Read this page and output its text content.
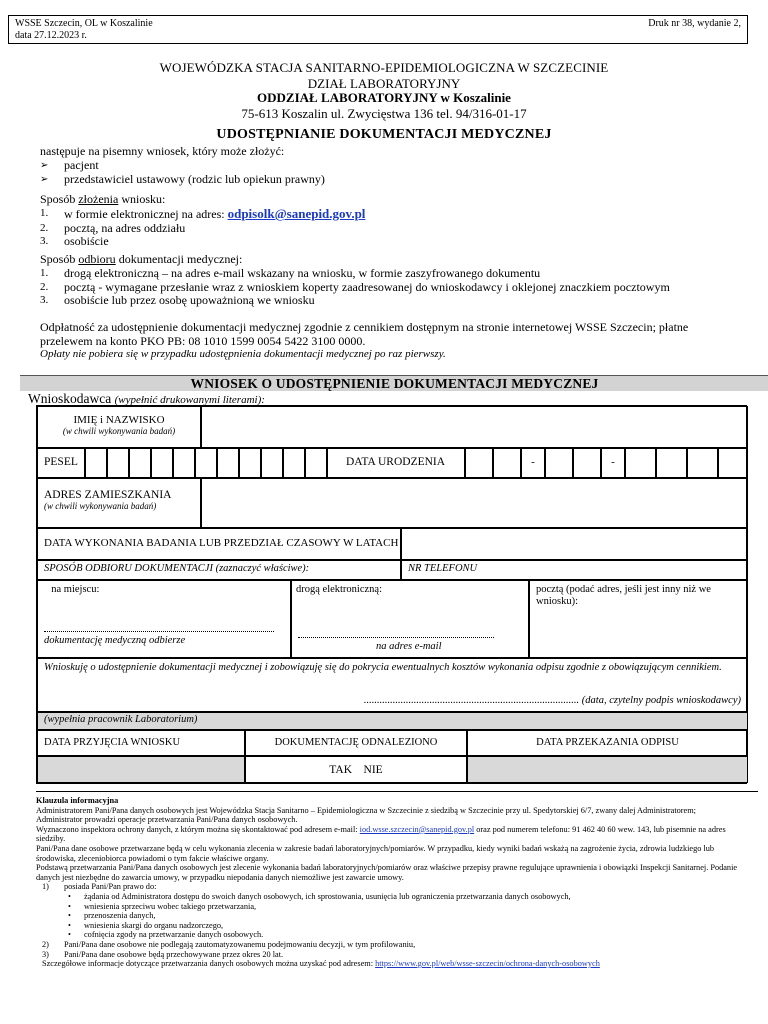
WSSE Szczecin, OL w Koszalinie
data 27.12.2023 r.
Druk nr 38, wydanie 2,
WOJEWÓDZKA STACJA SANITARNO-EPIDEMIOLOGICZNA W SZCZECINIE
DZIAŁ LABORATORYJNY
ODDZIAŁ LABORATORYJNY w Koszalinie
75-613 Koszalin ul. Zwycięstwa 136 tel. 94/316-01-17
UDOSTĘPNIANIE DOKUMENTACJI MEDYCZNEJ
następuje na pisemny wniosek, który może złożyć:
➢ pacjent
➢ przedstawiciel ustawowy (rodzic lub opiekun prawny)
Sposób złożenia wniosku:
1. w formie elektronicznej na adres: odpisolk@sanepid.gov.pl
2. pocztą, na adres oddziału
3. osobiście
Sposób odbioru dokumentacji medycznej:
1. drogą elektroniczną – na adres e-mail wskazany na wniosku, w formie zaszyfrowanego dokumentu
2. pocztą - wymagane przesłanie wraz z wnioskiem koperty zaadresowanej do wnioskodawcy i oklejonej znaczkiem pocztowym
3. osobiście lub przez osobę upoważnioną we wniosku
Odpłatność za udostępnienie dokumentacji medycznej zgodnie z cennikiem dostępnym na stronie internetowej WSSE Szczecin; płatne
przelewem na konto PKO PB: 08 1010 1599 0054 5422 3100 0000.
Opłaty nie pobiera się w przypadku udostępnienia dokumentacji medycznej po raz pierwszy.
WNIOSEK O UDOSTĘPNIENIE DOKUMENTACJI MEDYCZNEJ
Wnioskodawca (wypełnić drukowanymi literami):
IMIĘ i NAZWISKO
(w chwili wykonywania badań)
PESEL	DATA URODZENIA	-	-
ADRES ZAMIESZKANIA
(w chwili wykonywania badań)
DATA WYKONANIA BADANIA LUB PRZEDZIAŁ CZASOWY W LATACH
SPOSÓB ODBIORU DOKUMENTACJI (zaznaczyć właściwe):	NR TELEFONU
na miejscu:
dokumentację medyczną odbierze
drogą elektroniczną:
na adres e-mail
pocztą (podać adres, jeśli jest inny niż we wniosku):
Wnioskuję o udostępnienie dokumentacji medycznej i zobowiązuję się do pokrycia ewentualnych kosztów wykonania odpisu zgodnie z obowiązującym cennikiem.
.................................................................................. (data, czytelny podpis wnioskodawcy)
(wypełnia pracownik Laboratorium)
DATA PRZYJĘCIA WNIOSKU	DOKUMENTACJĘ ODNALEZIONO	DATA PRZEKAZANIA ODPISU
TAK NIE
Klauzula informacyjna
Administratorem Pani/Pana danych osobowych jest Wojewódzka Stacja Sanitarno – Epidemiologiczna w Szczecinie z siedzibą w Szczecinie przy ul. Spedytorskiej 6/7, zwany dalej Administratorem;
Administrator prowadzi operacje przetwarzania Pani/Pana danych osobowych.
Wyznaczono inspektora ochrony danych, z którym można się skontaktować pod adresem e-mail: iod.wsse.szczecin@sanepid.gov.pl oraz pod numerem telefonu: 91 462 40 60 wew. 143, lub pisemnie na adres siedziby.
Pani/Pana dane osobowe przetwarzane będą w celu wykonania zlecenia w zakresie badań laboratoryjnych/pomiarów. W przypadku, kiedy wyniki badań wskażą na zagrożenie życia, zdrowia ludzkiego lub środowiska, zleceniobiorca powiadomi o tym fakcie właściwe organy.
Podstawą przetwarzania Pani/Pana danych osobowych jest zlecenie wykonania badań laboratoryjnych/pomiarów oraz właściwe przepisy prawne regulujące uprawnienia i obowiązki Inspekcji Sanitarnej. Podanie danych jest niezbędne do zawarcia umowy, w przypadku niepodania danych niemożliwe jest zawarcie umowy.
1) posiada Pani/Pan prawo do:
• żądania od Administratora dostępu do swoich danych osobowych, ich sprostowania, usunięcia lub ograniczenia przetwarzania danych osobowych,
• wniesienia sprzeciwu wobec takiego przetwarzania,
• przenoszenia danych,
• wniesienia skargi do organu nadzorczego,
• cofnięcia zgody na przetwarzanie danych osobowych.
2) Pani/Pana dane osobowe nie podlegają zautomatyzowanemu podejmowaniu decyzji, w tym profilowaniu,
3) Pani/Pana dane osobowe będą przechowywane przez okres 20 lat.
Szczegółowe informacje dotyczące przetwarzania danych osobowych można uzyskać pod adresem: https://www.gov.pl/web/wsse-szczecin/ochrona-danych-osobowych
